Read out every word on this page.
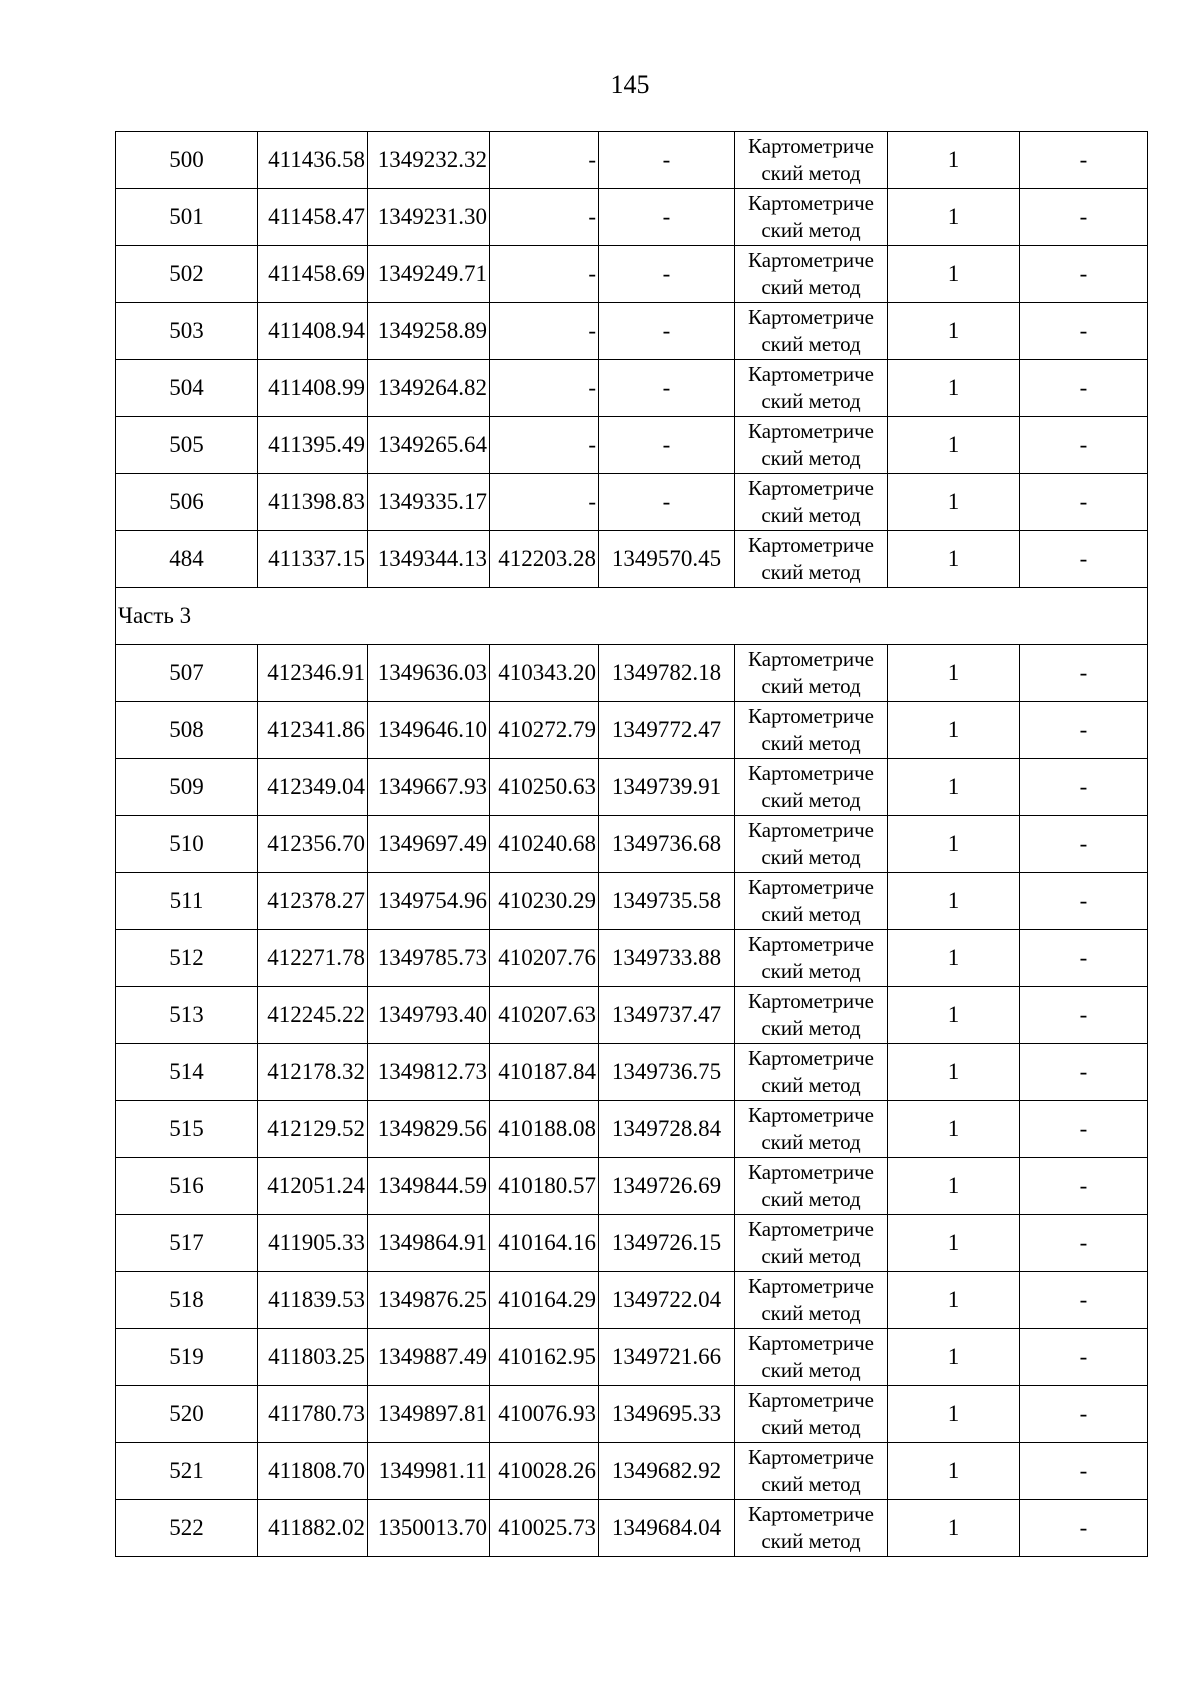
145
500	411436.58	1349232.32	-	-	Картометриче ский метод	1	-
501	411458.47	1349231.30	-	-	Картометриче ский метод	1	-
502	411458.69	1349249.71	-	-	Картометриче ский метод	1	-
503	411408.94	1349258.89	-	-	Картометриче ский метод	1	-
504	411408.99	1349264.82	-	-	Картометриче ский метод	1	-
505	411395.49	1349265.64	-	-	Картометриче ский метод	1	-
506	411398.83	1349335.17	-	-	Картометриче ский метод	1	-
484	411337.15	1349344.13	412203.28	1349570.45	Картометриче ский метод	1	-
Часть 3							
507	412346.91	1349636.03	410343.20	1349782.18	Картометриче ский метод	1	-
508	412341.86	1349646.10	410272.79	1349772.47	Картометриче ский метод	1	-
509	412349.04	1349667.93	410250.63	1349739.91	Картометриче ский метод	1	-
510	412356.70	1349697.49	410240.68	1349736.68	Картометриче ский метод	1	-
511	412378.27	1349754.96	410230.29	1349735.58	Картометриче ский метод	1	-
512	412271.78	1349785.73	410207.76	1349733.88	Картометриче ский метод	1	-
513	412245.22	1349793.40	410207.63	1349737.47	Картометриче ский метод	1	-
514	412178.32	1349812.73	410187.84	1349736.75	Картометриче ский метод	1	-
515	412129.52	1349829.56	410188.08	1349728.84	Картометриче ский метод	1	-
516	412051.24	1349844.59	410180.57	1349726.69	Картометриче ский метод	1	-
517	411905.33	1349864.91	410164.16	1349726.15	Картометриче ский метод	1	-
518	411839.53	1349876.25	410164.29	1349722.04	Картометриче ский метод	1	-
519	411803.25	1349887.49	410162.95	1349721.66	Картометриче ский метод	1	-
520	411780.73	1349897.81	410076.93	1349695.33	Картометриче ский метод	1	-
521	411808.70	1349981.11	410028.26	1349682.92	Картометриче ский метод	1	-
522	411882.02	1350013.70	410025.73	1349684.04	Картометриче ский метод	1	-
